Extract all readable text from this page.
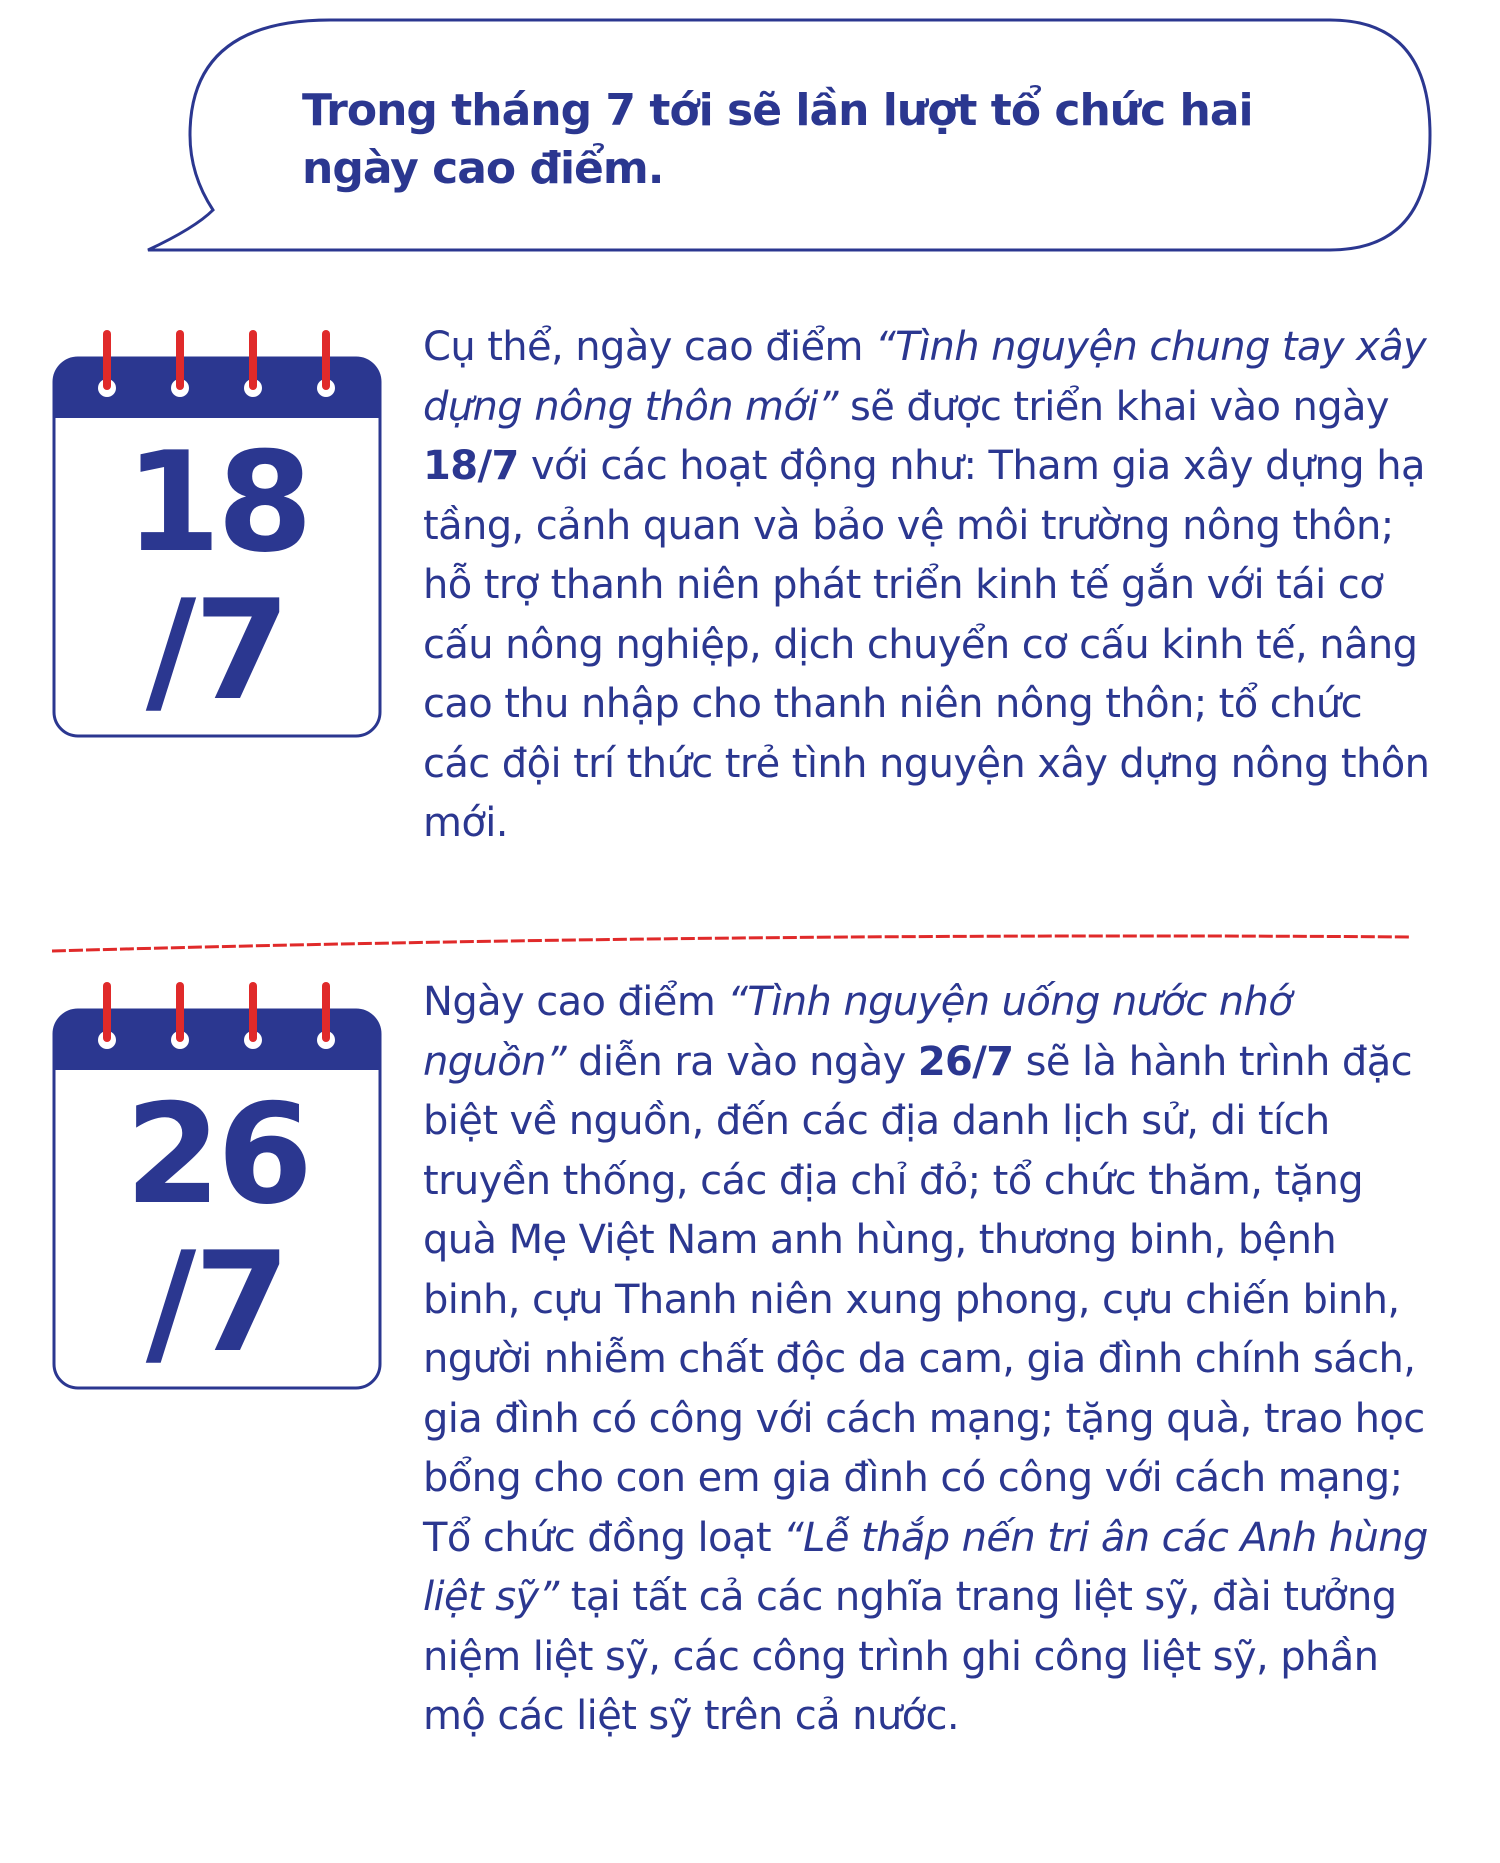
Trong tháng 7 tới sẽ lần lượt tổ chức hai ngày cao điểm.

18
/7

Cụ thể, ngày cao điểm “Tình nguyện chung tay xây dựng nông thôn mới” sẽ được triển khai vào ngày 18/7 với các hoạt động như: Tham gia xây dựng hạ tầng, cảnh quan và bảo vệ môi trường nông thôn; hỗ trợ thanh niên phát triển kinh tế gắn với tái cơ cấu nông nghiệp, dịch chuyển cơ cấu kinh tế, nâng cao thu nhập cho thanh niên nông thôn; tổ chức các đội trí thức trẻ tình nguyện xây dựng nông thôn mới.

26
/7

Ngày cao điểm “Tình nguyện uống nước nhớ nguồn” diễn ra vào ngày 26/7 sẽ là hành trình đặc biệt về nguồn, đến các địa danh lịch sử, di tích truyền thống, các địa chỉ đỏ; tổ chức thăm, tặng quà Mẹ Việt Nam anh hùng, thương binh, bệnh binh, cựu Thanh niên xung phong, cựu chiến binh, người nhiễm chất độc da cam, gia đình chính sách, gia đình có công với cách mạng; tặng quà, trao học bổng cho con em gia đình có công với cách mạng; Tổ chức đồng loạt “Lễ thắp nến tri ân các Anh hùng liệt sỹ” tại tất cả các nghĩa trang liệt sỹ, đài tưởng niệm liệt sỹ, các công trình ghi công liệt sỹ, phần mộ các liệt sỹ trên cả nước.
